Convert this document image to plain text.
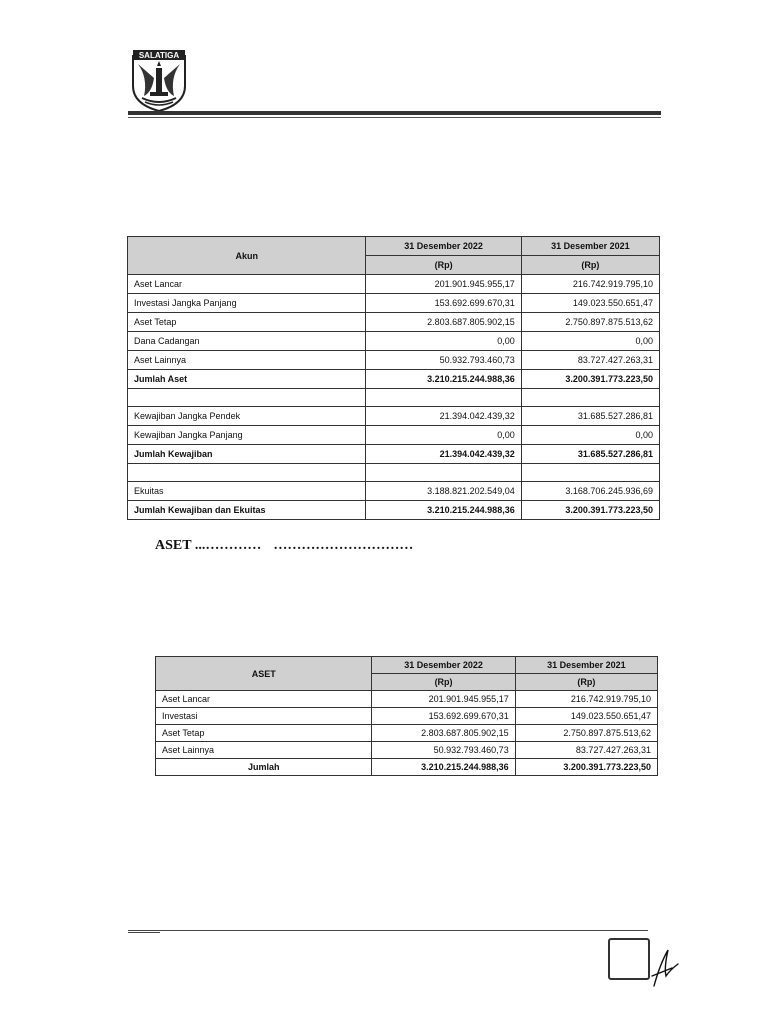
SALATIGA
Akun	31 Desember 2022	31 Desember 2021
	(Rp)	(Rp)
Aset Lancar	201.901.945.955,17	216.742.919.795,10
Investasi Jangka Panjang	153.692.699.670,31	149.023.550.651,47
Aset Tetap	2.803.687.805.902,15	2.750.897.875.513,62
Dana Cadangan	0,00	0,00
Aset Lainnya	50.932.793.460,73	83.727.427.263,31
Jumlah Aset	3.210.215.244.988,36	3.200.391.773.223,50

Kewajiban Jangka Pendek	21.394.042.439,32	31.685.527.286,81
Kewajiban Jangka Panjang	0,00	0,00
Jumlah Kewajiban	21.394.042.439,32	31.685.527.286,81

Ekuitas	3.188.821.202.549,04	3.168.706.245.936,69
Jumlah Kewajiban dan Ekuitas	3.210.215.244.988,36	3.200.391.773.223,50
ASET ...………… …………………………
ASET	31 Desember 2022	31 Desember 2021
	(Rp)	(Rp)
Aset Lancar	201.901.945.955,17	216.742.919.795,10
Investasi	153.692.699.670,31	149.023.550.651,47
Aset Tetap	2.803.687.805.902,15	2.750.897.875.513,62
Aset Lainnya	50.932.793.460,73	83.727.427.263,31
Jumlah	3.210.215.244.988,36	3.200.391.773.223,50
